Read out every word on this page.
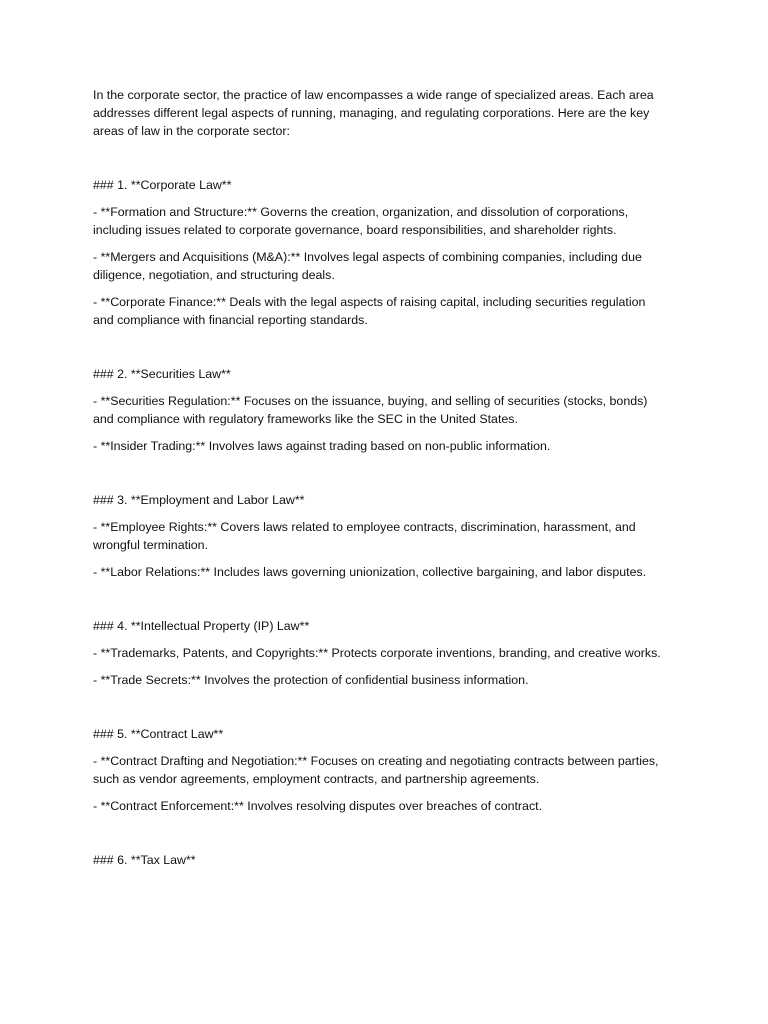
In the corporate sector, the practice of law encompasses a wide range of specialized areas. Each area addresses different legal aspects of running, managing, and regulating corporations. Here are the key areas of law in the corporate sector:

### 1. **Corporate Law**

- **Formation and Structure:** Governs the creation, organization, and dissolution of corporations, including issues related to corporate governance, board responsibilities, and shareholder rights.

- **Mergers and Acquisitions (M&A):** Involves legal aspects of combining companies, including due diligence, negotiation, and structuring deals.

- **Corporate Finance:** Deals with the legal aspects of raising capital, including securities regulation and compliance with financial reporting standards.

### 2. **Securities Law**

- **Securities Regulation:** Focuses on the issuance, buying, and selling of securities (stocks, bonds) and compliance with regulatory frameworks like the SEC in the United States.

- **Insider Trading:** Involves laws against trading based on non-public information.

### 3. **Employment and Labor Law**

- **Employee Rights:** Covers laws related to employee contracts, discrimination, harassment, and wrongful termination.

- **Labor Relations:** Includes laws governing unionization, collective bargaining, and labor disputes.

### 4. **Intellectual Property (IP) Law**

- **Trademarks, Patents, and Copyrights:** Protects corporate inventions, branding, and creative works.

- **Trade Secrets:** Involves the protection of confidential business information.

### 5. **Contract Law**

- **Contract Drafting and Negotiation:** Focuses on creating and negotiating contracts between parties, such as vendor agreements, employment contracts, and partnership agreements.

- **Contract Enforcement:** Involves resolving disputes over breaches of contract.

### 6. **Tax Law**
